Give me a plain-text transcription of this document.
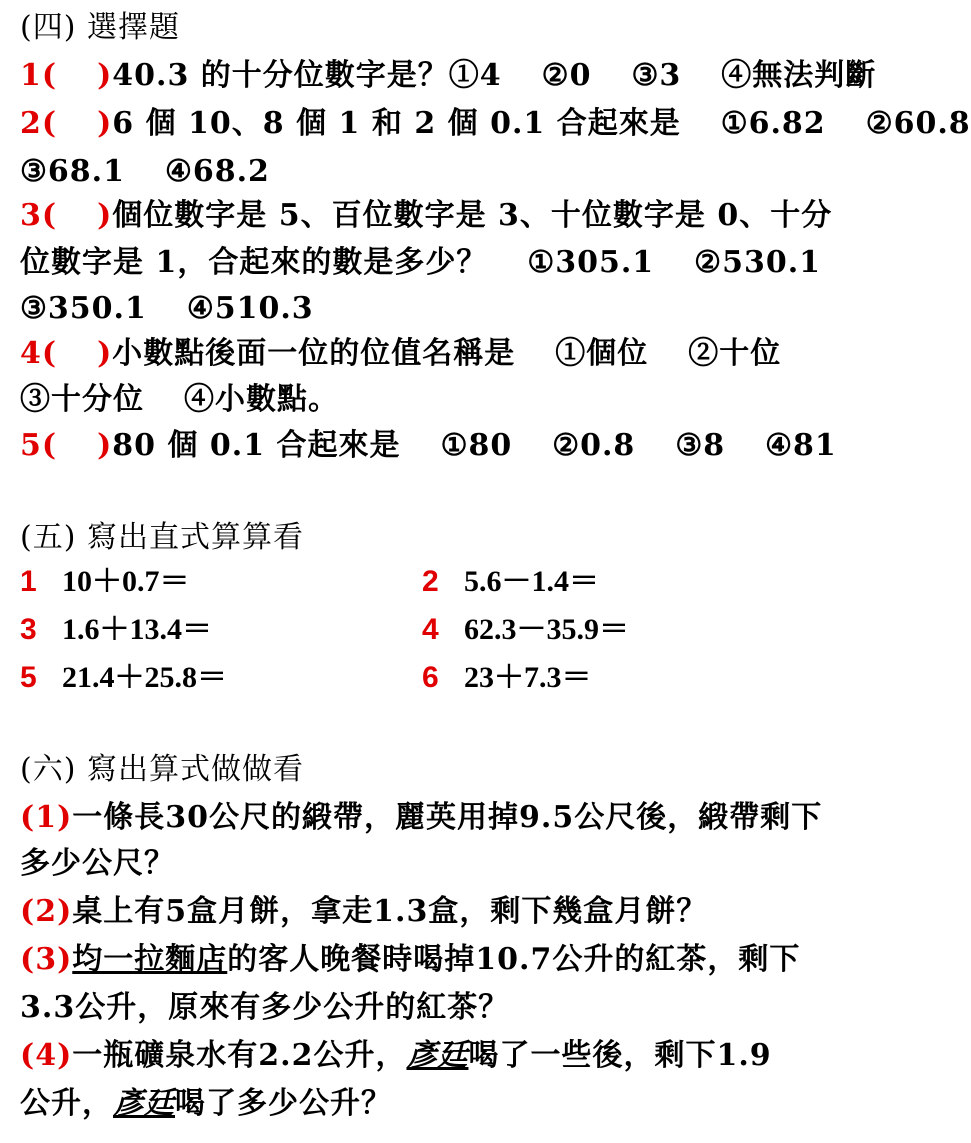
(四) 選擇題
1( )40.3 的十分位數字是？①4 ②0 ③3 ④無法判斷
2( )6 個 10、8 個 1 和 2 個 0.1 合起來是 ①6.82 ②60.8
③68.1 ④68.2
3( )個位數字是 5、百位數字是 3、十位數字是 0、十分
位數字是 1，合起來的數是多少？ ①305.1 ②530.1
③350.1 ④510.3
4( )小數點後面一位的位值名稱是 ①個位 ②十位
③十分位 ④小數點。
5( )80 個 0.1 合起來是 ①80 ②0.8 ③8 ④81
(五) 寫出直式算算看
1 10＋0.7＝	2 5.6－1.4＝
3 1.6＋13.4＝	4 62.3－35.9＝
5 21.4＋25.8＝	6 23＋7.3＝
(六) 寫出算式做做看
(1)一條長30公尺的緞帶，麗英用掉9.5公尺後，緞帶剩下
多少公尺？
(2)桌上有5盒月餅，拿走1.3盒，剩下幾盒月餅？
(3)均一拉麵店的客人晚餐時喝掉10.7公升的紅茶，剩下
3.3公升，原來有多少公升的紅茶？
(4)一瓶礦泉水有2.2公升，彥廷喝了一些後，剩下1.9
公升，彥廷喝了多少公升？
